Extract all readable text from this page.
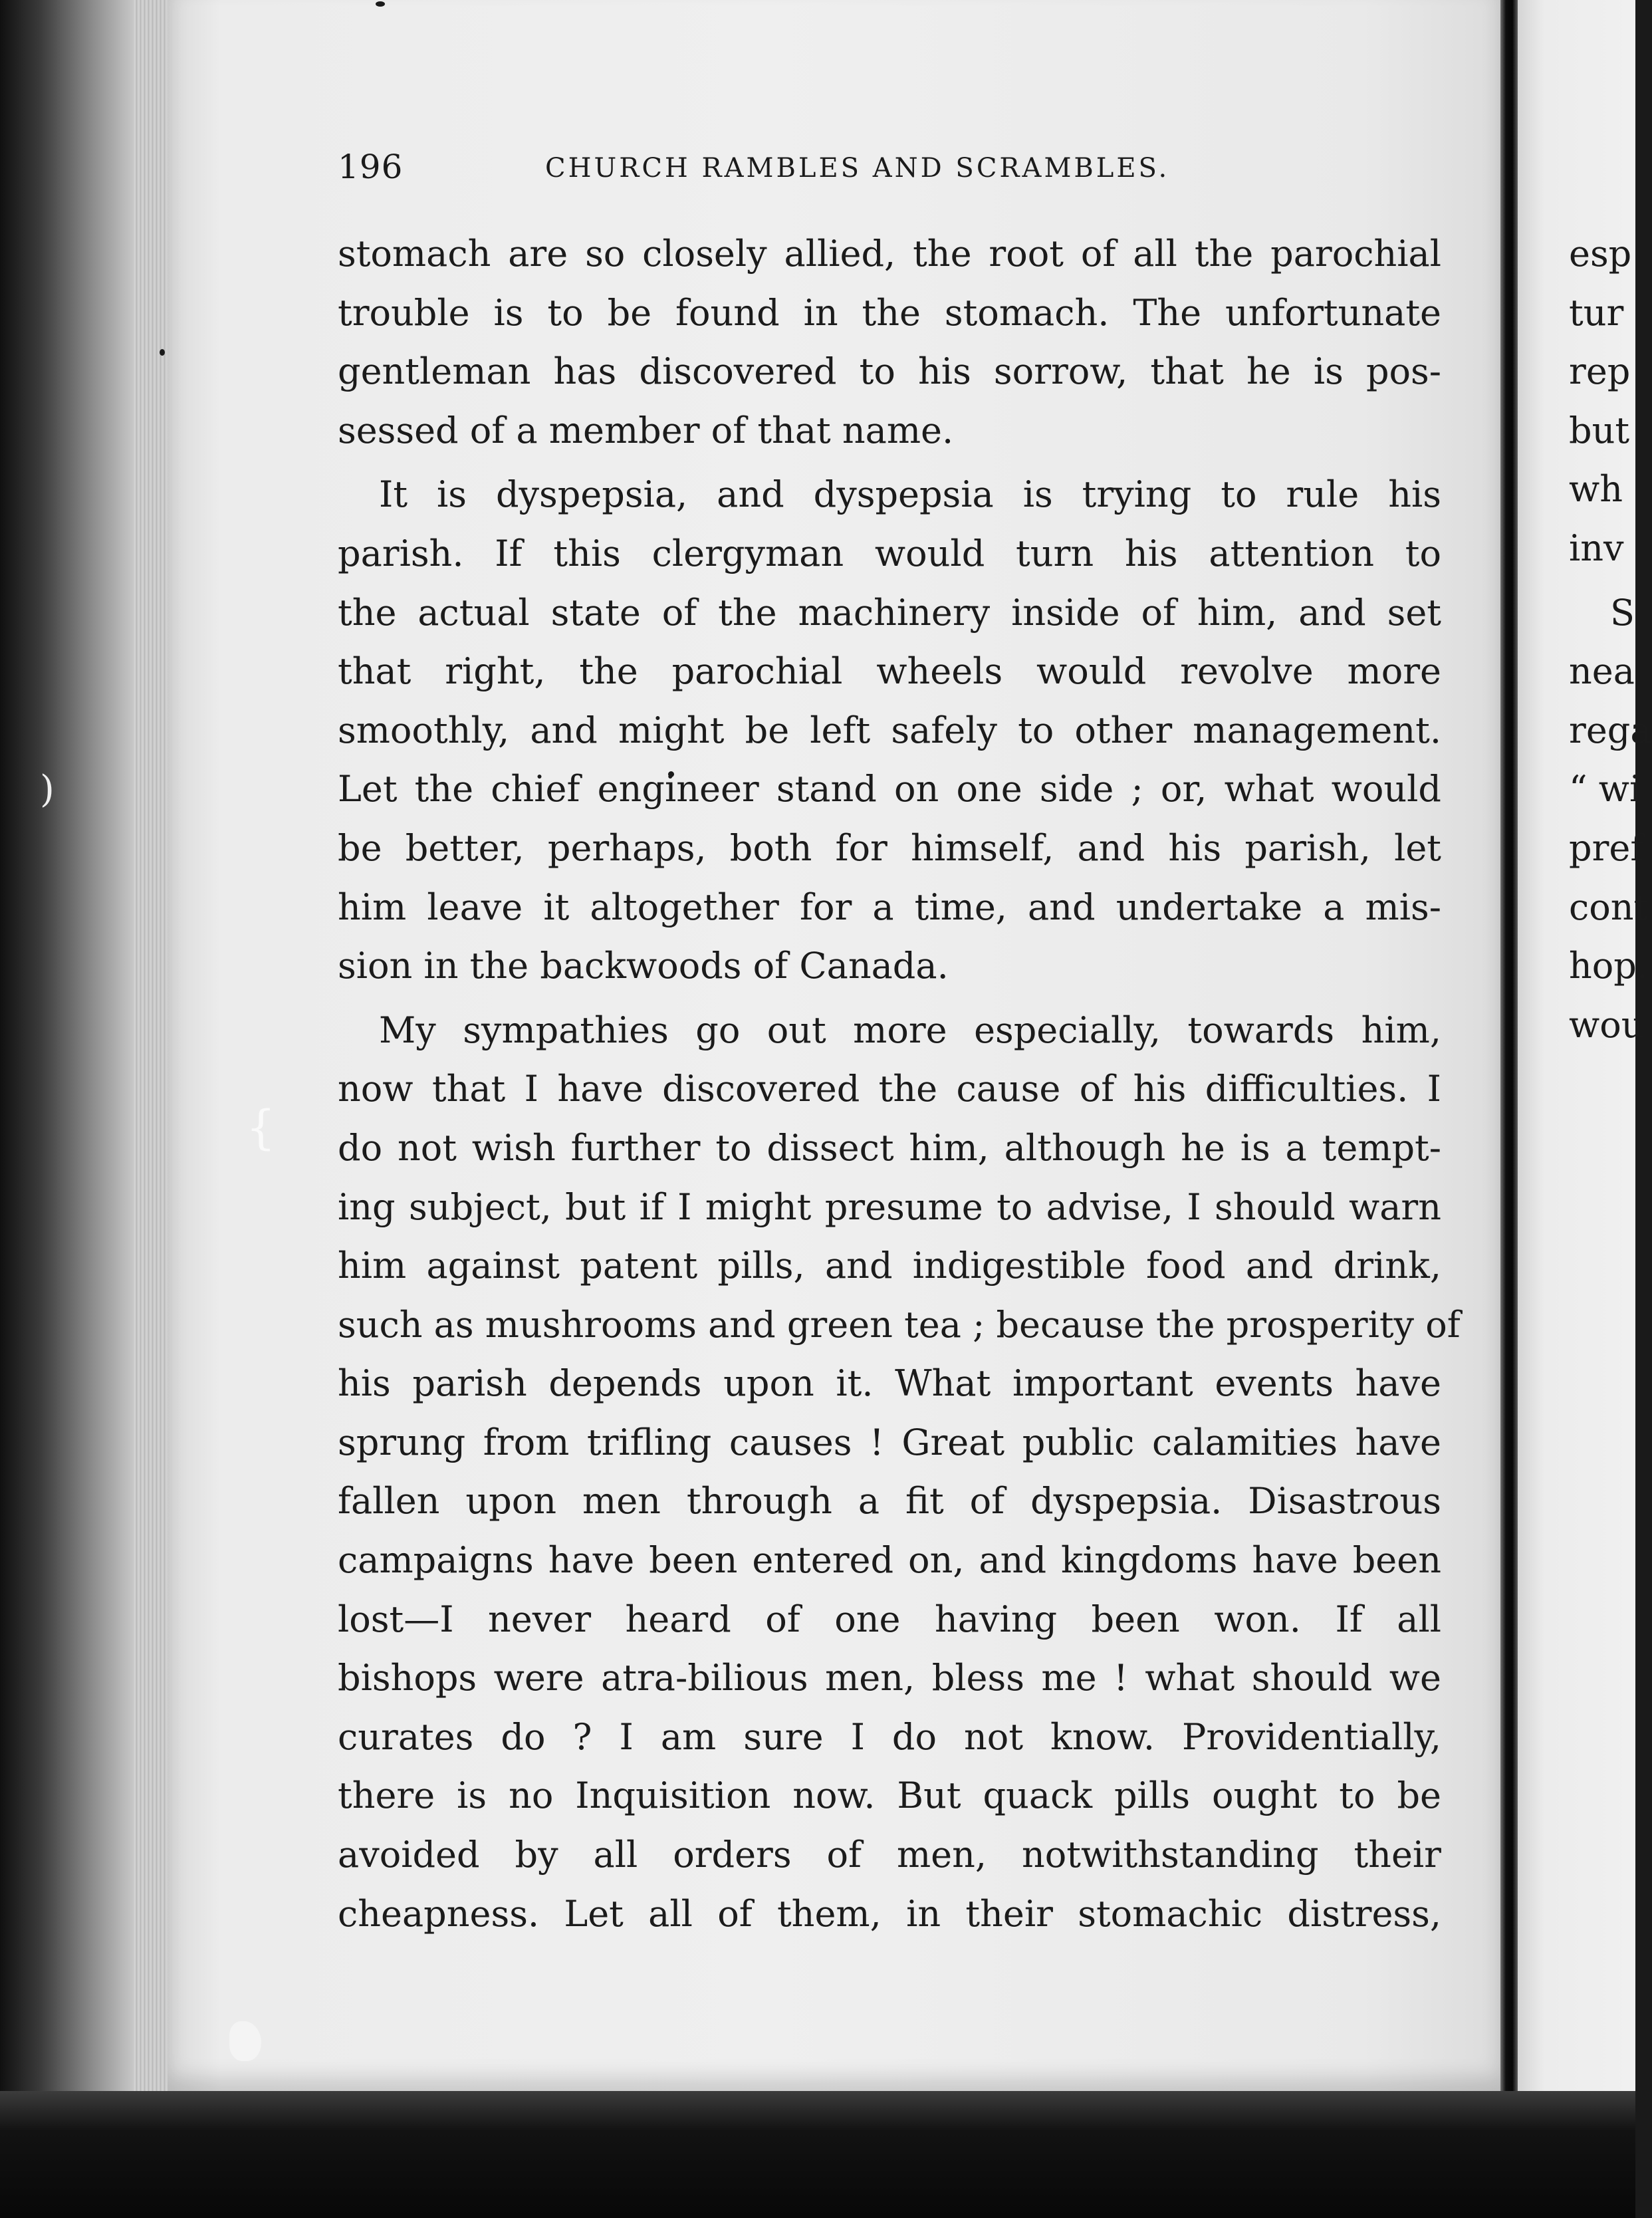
)
{
196	CHURCH RAMBLES AND SCRAMBLES.
stomach are so closely allied, the root of all the parochial
trouble is to be found in the stomach. The unfortunate
gentleman has discovered to his sorrow, that he is pos-
sessed of a member of that name.
It is dyspepsia, and dyspepsia is trying to rule his
parish. If this clergyman would turn his attention to
the actual state of the machinery inside of him, and set
that right, the parochial wheels would revolve more
smoothly, and might be left safely to other management.
Let the chief engineer stand on one side ; or, what would
be better, perhaps, both for himself, and his parish, let
him leave it altogether for a time, and undertake a mis-
sion in the backwoods of Canada.
My sympathies go out more especially, towards him,
now that I have discovered the cause of his difficulties. I
do not wish further to dissect him, although he is a tempt-
ing subject, but if I might presume to advise, I should warn
him against patent pills, and indigestible food and drink,
such as mushrooms and green tea ; because the prosperity of
his parish depends upon it. What important events have
sprung from trifling causes ! Great public calamities have
fallen upon men through a fit of dyspepsia. Disastrous
campaigns have been entered on, and kingdoms have been
lost—I never heard of one having been won. If all
bishops were atra-bilious men, bless me ! what should we
curates do ? I am sure I do not know. Providentially,
there is no Inquisition now. But quack pills ought to be
avoided by all orders of men, notwithstanding their
cheapness. Let all of them, in their stomachic distress,
esp
tur
rep
but
wh
inv
S
nea
rega
“ wi
pref
cont
hop.
wou
